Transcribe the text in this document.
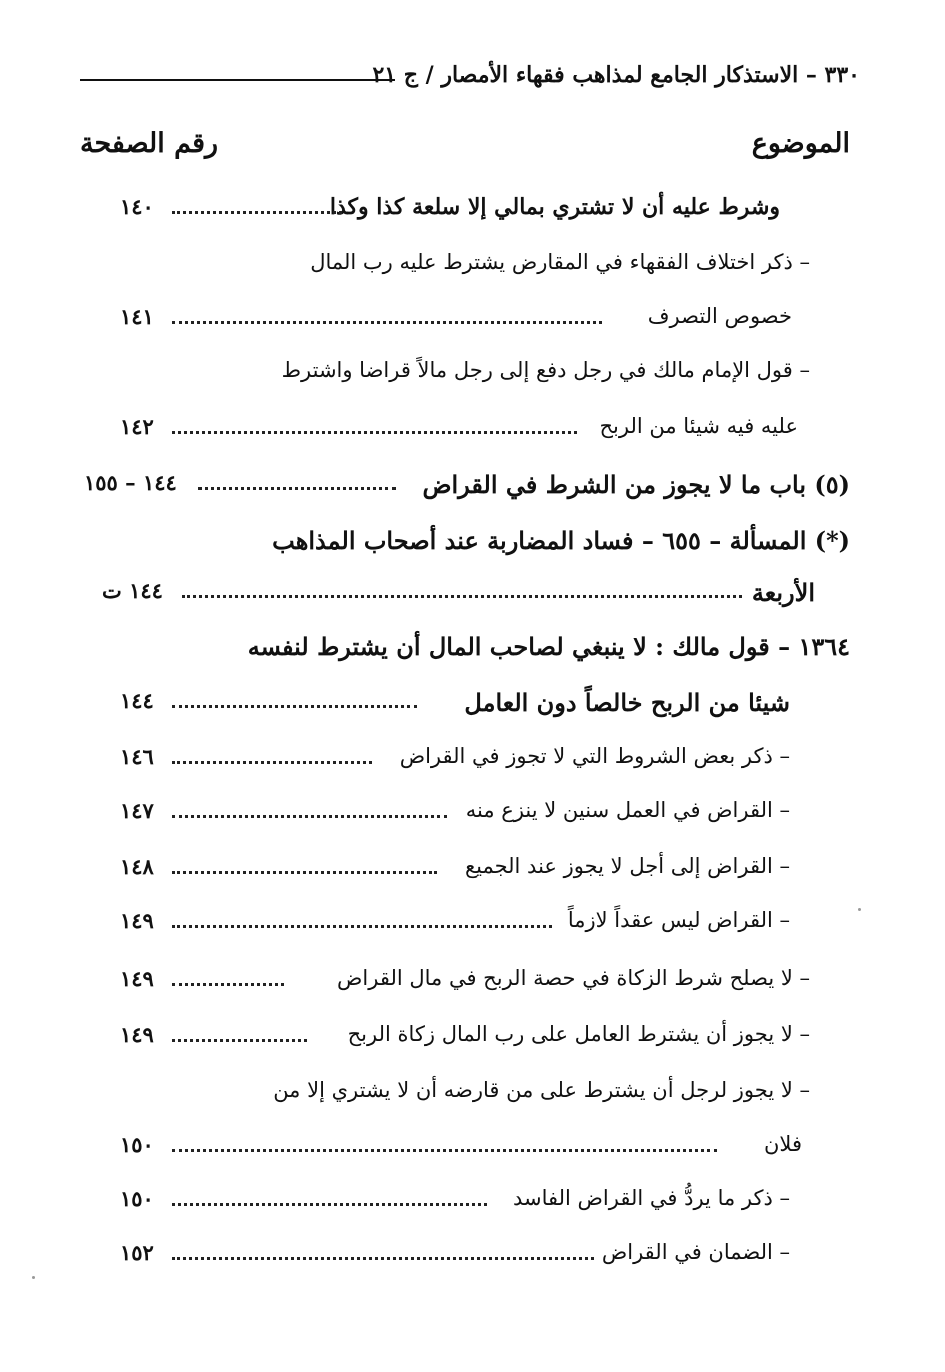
٣٣٠ – الاستذكار الجامع لمذاهب فقهاء الأمصار / ج ٢١
الموضوع
رقم الصفحة
وشرط عليه أن لا تشتري بمالي إلا سلعة كذا وكذا
١٤٠
– ذكر اختلاف الفقهاء في المقارض يشترط عليه رب المال
خصوص التصرف
١٤١
– قول الإمام مالك في رجل دفع إلى رجل مالاً قراضا واشترط
عليه فيه شيئا من الربح
١٤٢
(٥) باب ما لا يجوز من الشرط في القراض
١٤٤ – ١٥٥
(*) المسألة – ٦٥٥ – فساد المضاربة عند أصحاب المذاهب
الأربعة
١٤٤ ت
١٣٦٤ – قول مالك : لا ينبغي لصاحب المال أن يشترط لنفسه
شيئا من الربح خالصاً دون العامل
١٤٤
– ذكر بعض الشروط التي لا تجوز في القراض
١٤٦
– القراض في العمل سنين لا ينزع منه
١٤٧
– القراض إلى أجل لا يجوز عند الجميع
١٤٨
– القراض ليس عقداً لازماً
١٤٩
– لا يصلح شرط الزكاة في حصة الربح في مال القراض
١٤٩
– لا يجوز أن يشترط العامل على رب المال زكاة الربح
١٤٩
– لا يجوز لرجل أن يشترط على من قارضه أن لا يشتري إلا من
فلان
١٥٠
– ذكر ما يردُّ في القراض الفاسد
١٥٠
– الضمان في القراض
١٥٢
